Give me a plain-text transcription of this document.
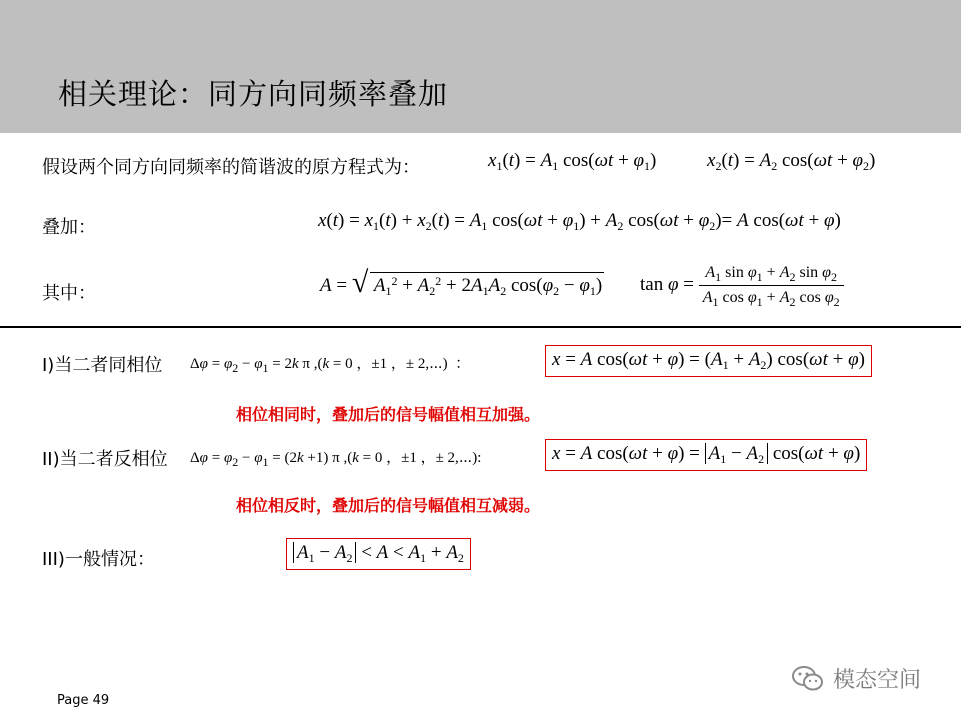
相关理论：同方向同频率叠加
假设两个同方向同频率的简谐波的原方程式为：	$x_1(t) = A_1$ $\cos(\omega t + \varphi_1)$	$x_2(t) = A_2$ $\cos(\omega t + \varphi_2)$
叠加：	$x(t) = x_1(t) + x_2(t) = A_1$ $\cos(\omega t + \varphi_1) + A_2$ $\cos(\omega t + \varphi_2)= A$ cos(ωt + φ)
其中：	A = √ $A_1^2 + A_2^2 + 2A_1A_2$ $\cos(\varphi_2 - \varphi_1)$ $\tan \varphi = \frac{A_1 \sin \varphi_1 + A_2 \sin \varphi_2}{A_1 \cos \varphi_1 + A_2 \cos \varphi_2}$
I)当二者同相位 $\Delta\varphi = \varphi_2 - \varphi_1 = 2k$ π ,(k = 0 ，±1 ，± 2,⋯)  ：	x = A $\cos(\omega t + \varphi) = (A_1 + A_2) \cos(\omega t + \varphi)$
相位相同时，叠加后的信号幅值相互加强。
II)当二者反相位 $\Delta\varphi = \varphi_2 - \varphi_1 = (2k +1)$ π ,(k = 0 ，±1 ，± 2,⋯):	x = A $\cos(\omega t + \varphi) = A_1 - A_2$ cos(ωt + φ)
相位相反时，叠加后的信号幅值相互减弱。
III)一般情况：	$A_1 - A_2 < A < A_1 + A_2$
Page 49
模态空间
